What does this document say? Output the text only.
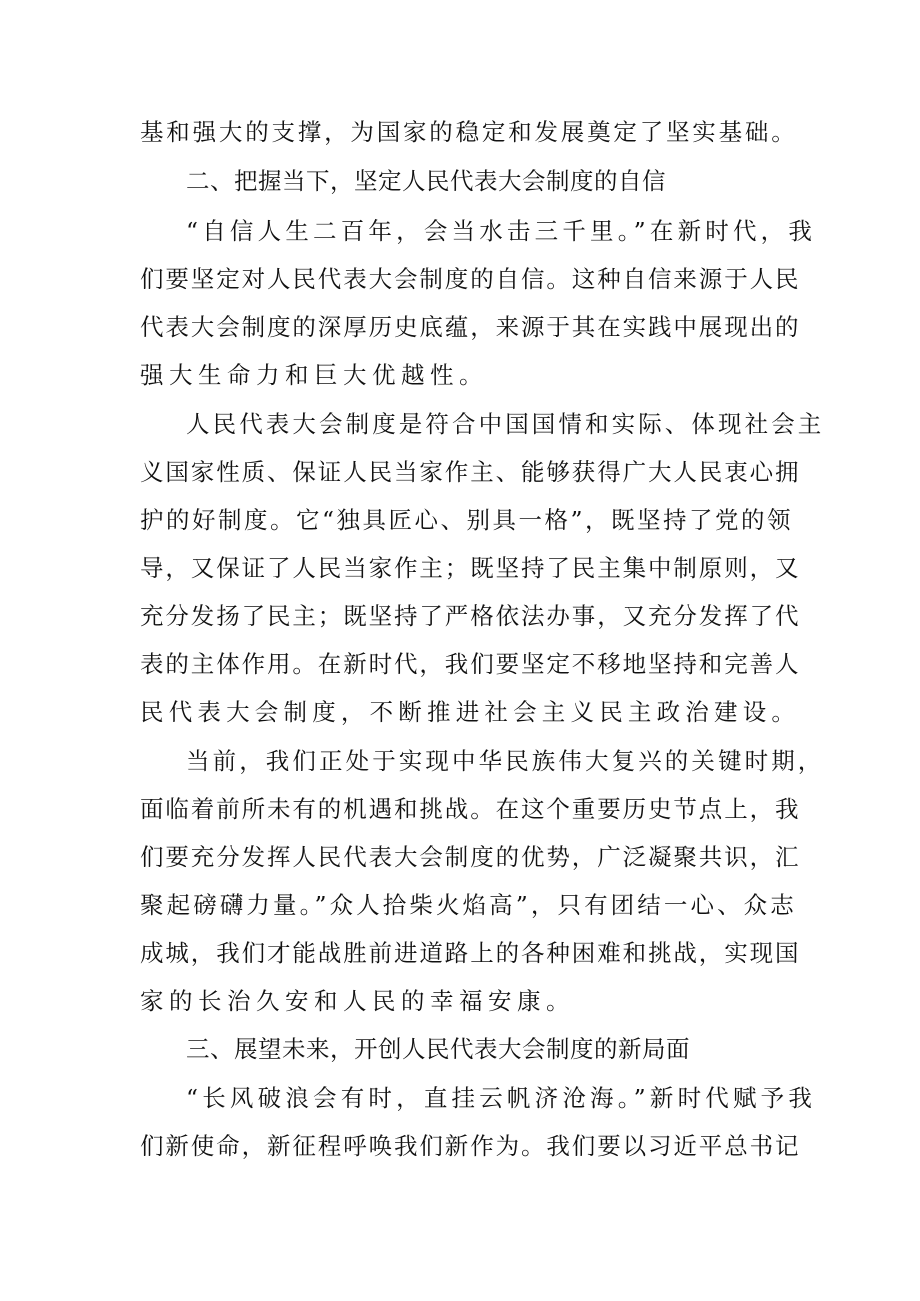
基和强大的支撑，为国家的稳定和发展奠定了坚实基础。
二、把握当下，坚定人民代表大会制度的自信
“自信人生二百年，会当水击三千里。”在新时代，我
们要坚定对人民代表大会制度的自信。这种自信来源于人民
代表大会制度的深厚历史底蕴，来源于其在实践中展现出的
强大生命力和巨大优越性。
人民代表大会制度是符合中国国情和实际、体现社会主
义国家性质、保证人民当家作主、能够获得广大人民衷心拥
护的好制度。它“独具匠心、别具一格”，既坚持了党的领
导，又保证了人民当家作主；既坚持了民主集中制原则，又
充分发扬了民主；既坚持了严格依法办事，又充分发挥了代
表的主体作用。在新时代，我们要坚定不移地坚持和完善人
民代表大会制度，不断推进社会主义民主政治建设。
当前，我们正处于实现中华民族伟大复兴的关键时期，
面临着前所未有的机遇和挑战。在这个重要历史节点上，我
们要充分发挥人民代表大会制度的优势，广泛凝聚共识，汇
聚起磅礴力量。”众人拾柴火焰高”，只有团结一心、众志
成城，我们才能战胜前进道路上的各种困难和挑战，实现国
家的长治久安和人民的幸福安康。
三、展望未来，开创人民代表大会制度的新局面
“长风破浪会有时，直挂云帆济沧海。”新时代赋予我
们新使命，新征程呼唤我们新作为。我们要以习近平总书记
